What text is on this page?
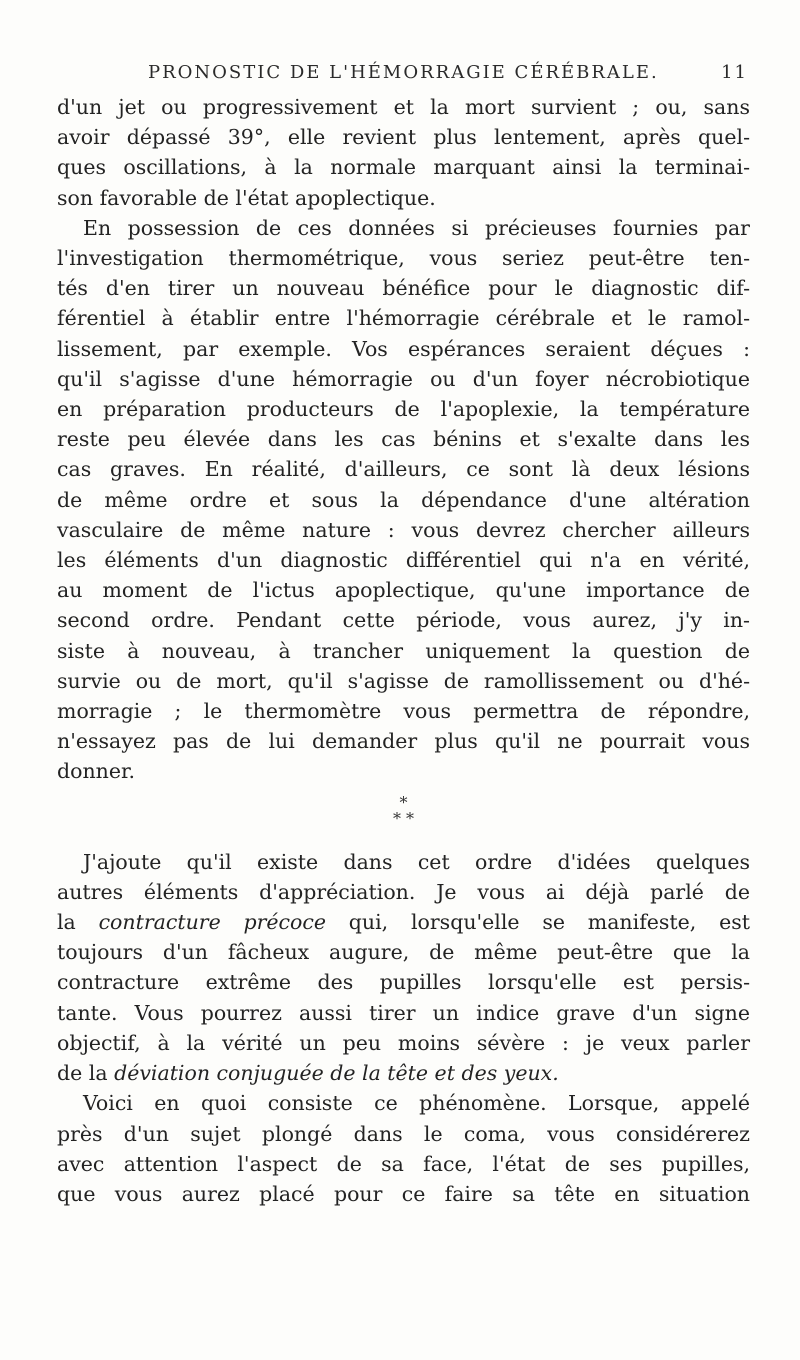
PRONOSTIC DE L'HÉMORRAGIE CÉRÉBRALE.	11
d'un jet ou progressivement et la mort survient ; ou, sans
avoir dépassé 39°, elle revient plus lentement, après quel-
ques oscillations, à la normale marquant ainsi la terminai-
son favorable de l'état apoplectique.
En possession de ces données si précieuses fournies par
l'investigation thermométrique, vous seriez peut-être ten-
tés d'en tirer un nouveau bénéfice pour le diagnostic dif-
férentiel à établir entre l'hémorragie cérébrale et le ramol-
lissement, par exemple. Vos espérances seraient déçues :
qu'il s'agisse d'une hémorragie ou d'un foyer nécrobiotique
en préparation producteurs de l'apoplexie, la température
reste peu élevée dans les cas bénins et s'exalte dans les
cas graves. En réalité, d'ailleurs, ce sont là deux lésions
de même ordre et sous la dépendance d'une altération
vasculaire de même nature : vous devrez chercher ailleurs
les éléments d'un diagnostic différentiel qui n'a en vérité,
au moment de l'ictus apoplectique, qu'une importance de
second ordre. Pendant cette période, vous aurez, j'y in-
siste à nouveau, à trancher uniquement la question de
survie ou de mort, qu'il s'agisse de ramollissement ou d'hé-
morragie ; le thermomètre vous permettra de répondre,
n'essayez pas de lui demander plus qu'il ne pourrait vous
donner.
*
* *
J'ajoute qu'il existe dans cet ordre d'idées quelques
autres éléments d'appréciation. Je vous ai déjà parlé de
la contracture précoce qui, lorsqu'elle se manifeste, est
toujours d'un fâcheux augure, de même peut-être que la
contracture extrême des pupilles lorsqu'elle est persis-
tante. Vous pourrez aussi tirer un indice grave d'un signe
objectif, à la vérité un peu moins sévère : je veux parler
de la déviation conjuguée de la tête et des yeux.
Voici en quoi consiste ce phénomène. Lorsque, appelé
près d'un sujet plongé dans le coma, vous considérerez
avec attention l'aspect de sa face, l'état de ses pupilles,
que vous aurez placé pour ce faire sa tête en situation
